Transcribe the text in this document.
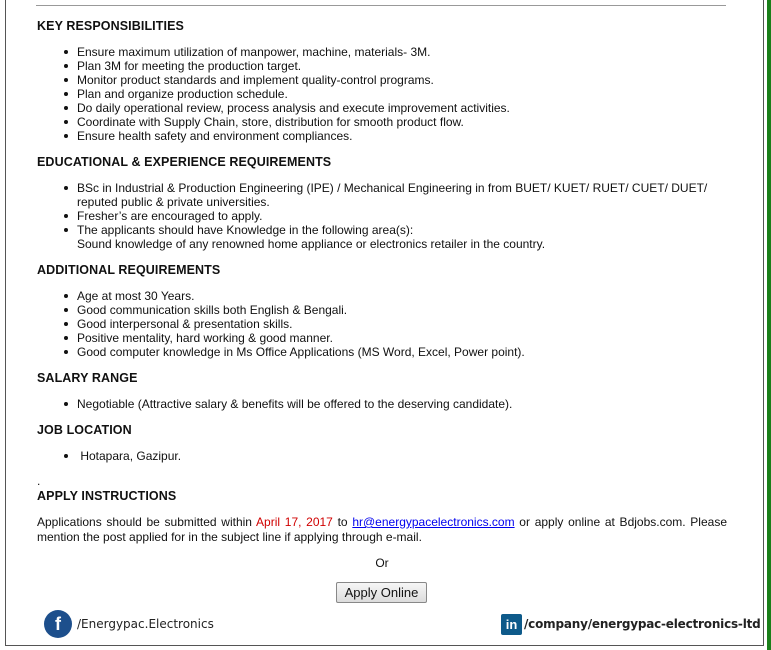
KEY RESPONSIBILITIES
Ensure maximum utilization of manpower, machine, materials- 3M.
Plan 3M for meeting the production target.
Monitor product standards and implement quality-control programs.
Plan and organize production schedule.
Do daily operational review, process analysis and execute improvement activities.
Coordinate with Supply Chain, store, distribution for smooth product flow.
Ensure health safety and environment compliances.
EDUCATIONAL & EXPERIENCE REQUIREMENTS
BSc in Industrial & Production Engineering (IPE) / Mechanical Engineering in from BUET/ KUET/ RUET/ CUET/ DUET/ reputed public & private universities.
Fresher’s are encouraged to apply.
The applicants should have Knowledge in the following area(s):
Sound knowledge of any renowned home appliance or electronics retailer in the country.
ADDITIONAL REQUIREMENTS
Age at most 30 Years.
Good communication skills both English & Bengali.
Good interpersonal & presentation skills.
Positive mentality, hard working & good manner.
Good computer knowledge in Ms Office Applications (MS Word, Excel, Power point).
SALARY RANGE
Negotiable (Attractive salary & benefits will be offered to the deserving candidate).
JOB LOCATION
Hotapara, Gazipur.
.
APPLY INSTRUCTIONS
Applications should be submitted within April 17, 2017 to hr@energypacelectronics.com or apply online at Bdjobs.com. Please mention the post applied for in the subject line if applying through e-mail.
Or
Apply Online
f /Energypac.Electronics	in /company/energypac-electronics-ltd
